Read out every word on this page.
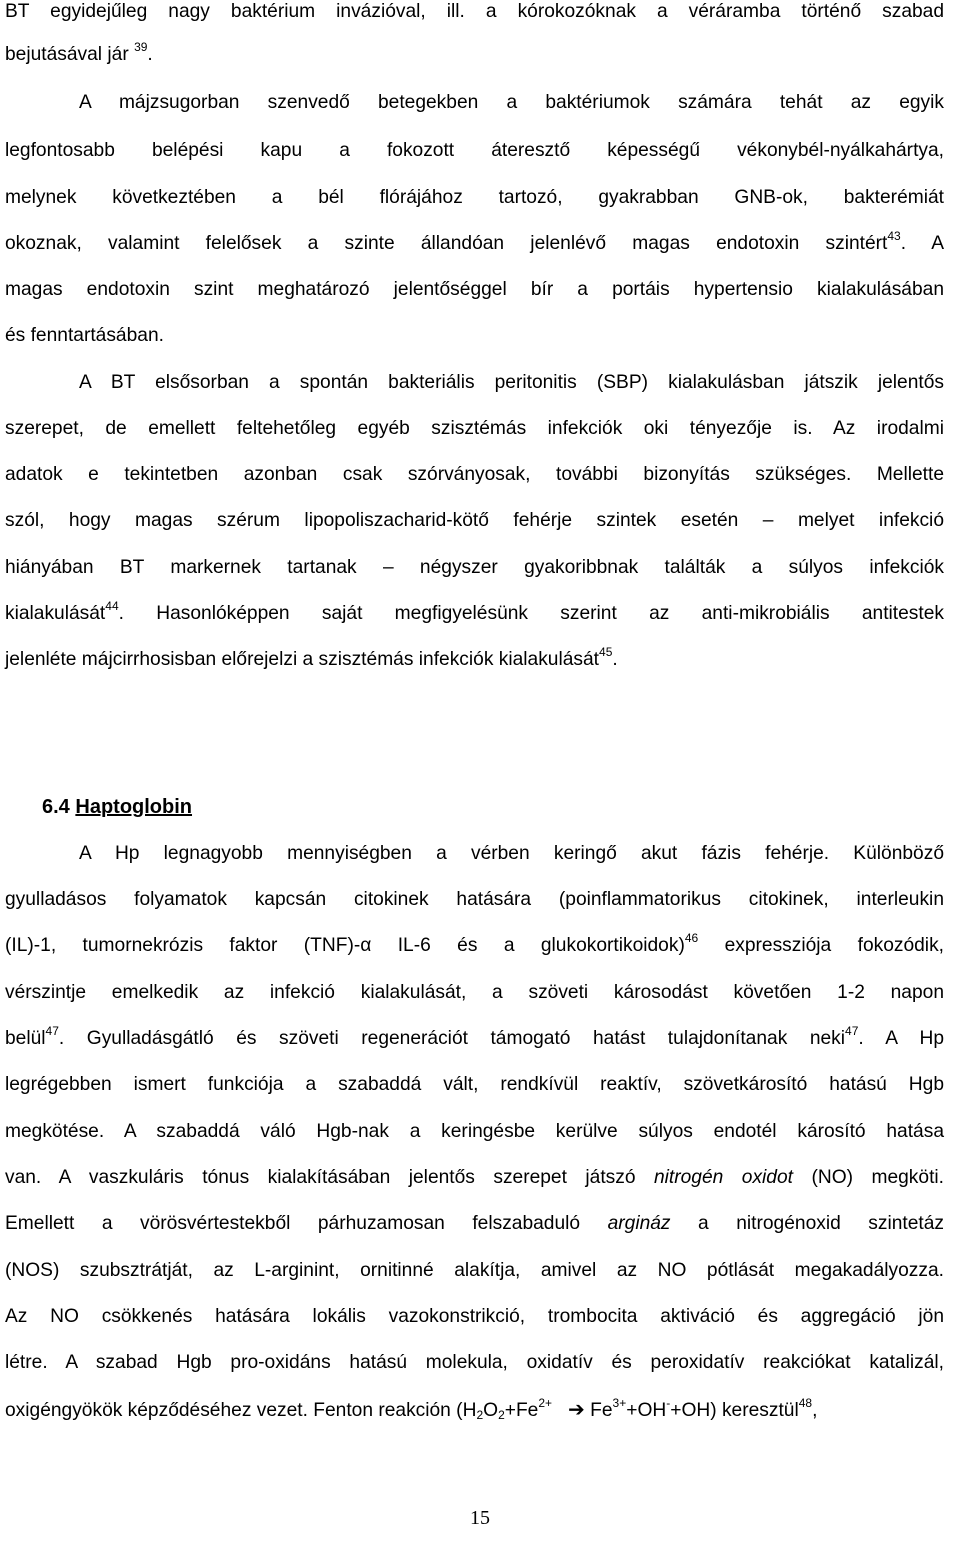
BT egyidejűleg nagy baktérium invázióval, ill. a kórokozóknak a véráramba történő szabad
bejutásával jár $^{39}$.
A májzsugorban szenvedő betegekben a baktériumok számára tehát az egyik
legfontosabb belépési kapu a fokozott áteresztő képességű vékonybél-nyálkahártya,
melynek következtében a bél flórájához tartozó, gyakrabban GNB-ok, bakterémiát
okoznak, valamint felelősek a szinte állandóan jelenlévő magas endotoxin szintért$^{43}$. A
magas endotoxin szint meghatározó jelentőséggel bír a portáis hypertensio kialakulásában
és fenntartásában.
A BT elsősorban a spontán bakteriális peritonitis (SBP) kialakulásban játszik jelentős
szerepet, de emellett feltehetőleg egyéb szisztémás infekciók oki tényezője is. Az irodalmi
adatok e tekintetben azonban csak szórványosak, további bizonyítás szükséges. Mellette
szól, hogy magas szérum lipopoliszacharid-kötő fehérje szintek esetén – melyet infekció
hiányában BT markernek tartanak – négyszer gyakoribbnak találták a súlyos infekciók
kialakulását$^{44}$. Hasonlóképpen saját megfigyelésünk szerint az anti-mikrobiális antitestek
jelenléte májcirrhosisban előrejelzi a szisztémás infekciók kialakulását$^{45}$.
6.4 Haptoglobin
A Hp legnagyobb mennyiségben a vérben keringő akut fázis fehérje. Különböző
gyulladásos folyamatok kapcsán citokinek hatására (poinflammatorikus citokinek, interleukin
(IL)-1, tumornekrózis faktor (TNF)-α IL-6 és a glukokortikoidok)$^{46}$ expressziója fokozódik,
vérszintje emelkedik az infekció kialakulását, a szöveti károsodást követően 1-2 napon
belül$^{47}$. Gyulladásgátló és szöveti regenerációt támogató hatást tulajdonítanak neki$^{47}$. A Hp
legrégebben ismert funkciója a szabaddá vált, rendkívül reaktív, szövetkárosító hatású Hgb
megkötése. A szabaddá váló Hgb-nak a keringésbe kerülve súlyos endotél károsító hatása
van. A vaszkuláris tónus kialakításában jelentős szerepet játszó nitrogén oxidot (NO) megköti.
Emellett a vörösvértestekből párhuzamosan felszabaduló argináz a nitrogénoxid szintetáz
(NOS) szubsztrátját, az L-arginint, ornitinné alakítja, amivel az NO pótlását megakadályozza.
Az NO csökkenés hatására lokális vazokonstrikció, trombocita aktiváció és aggregáció jön
létre. A szabad Hgb pro-oxidáns hatású molekula, oxidatív és peroxidatív reakciókat katalizál,
oxigéngyökök képződéséhez vezet. Fenton reakción ($H_2O_2+Fe^{2+}$ ➔ $Fe^{3+}+OH^-+OH$) keresztül$^{48}$,
15
